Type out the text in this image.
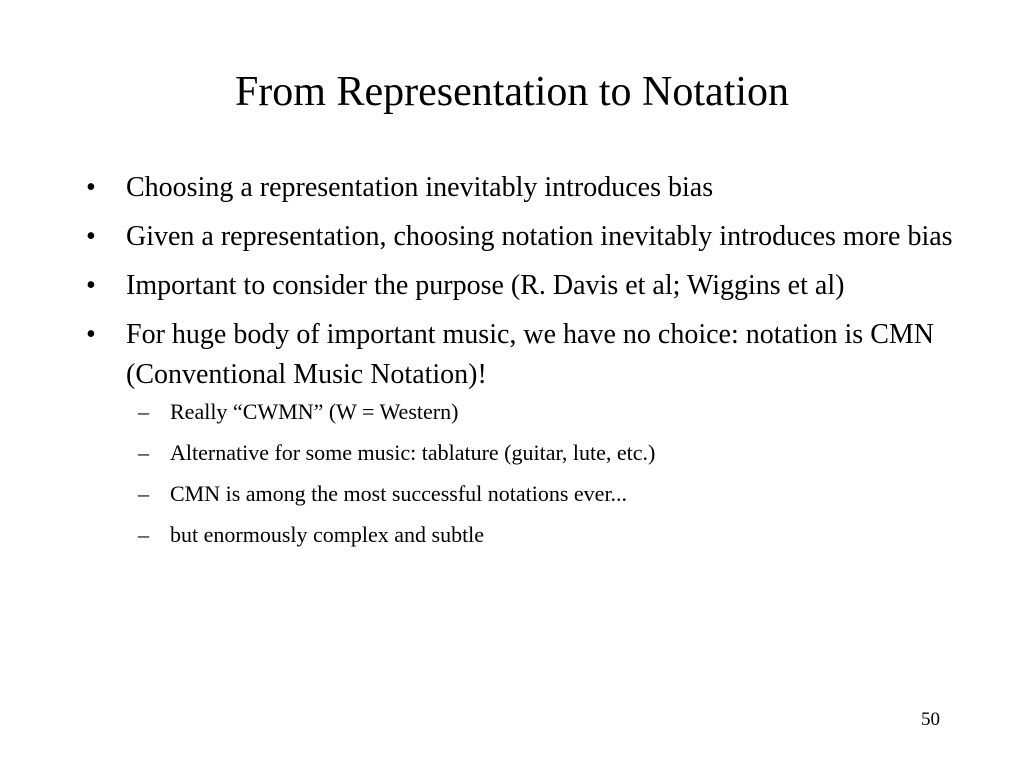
From Representation to Notation
• Choosing a representation inevitably introduces bias
• Given a representation, choosing notation inevitably introduces more bias
• Important to consider the purpose (R. Davis et al; Wiggins et al)
• For huge body of important music, we have no choice: notation is CMN (Conventional Music Notation)!
– Really “CWMN” (W = Western)
– Alternative for some music: tablature (guitar, lute, etc.)
– CMN is among the most successful notations ever...
– but enormously complex and subtle
50
